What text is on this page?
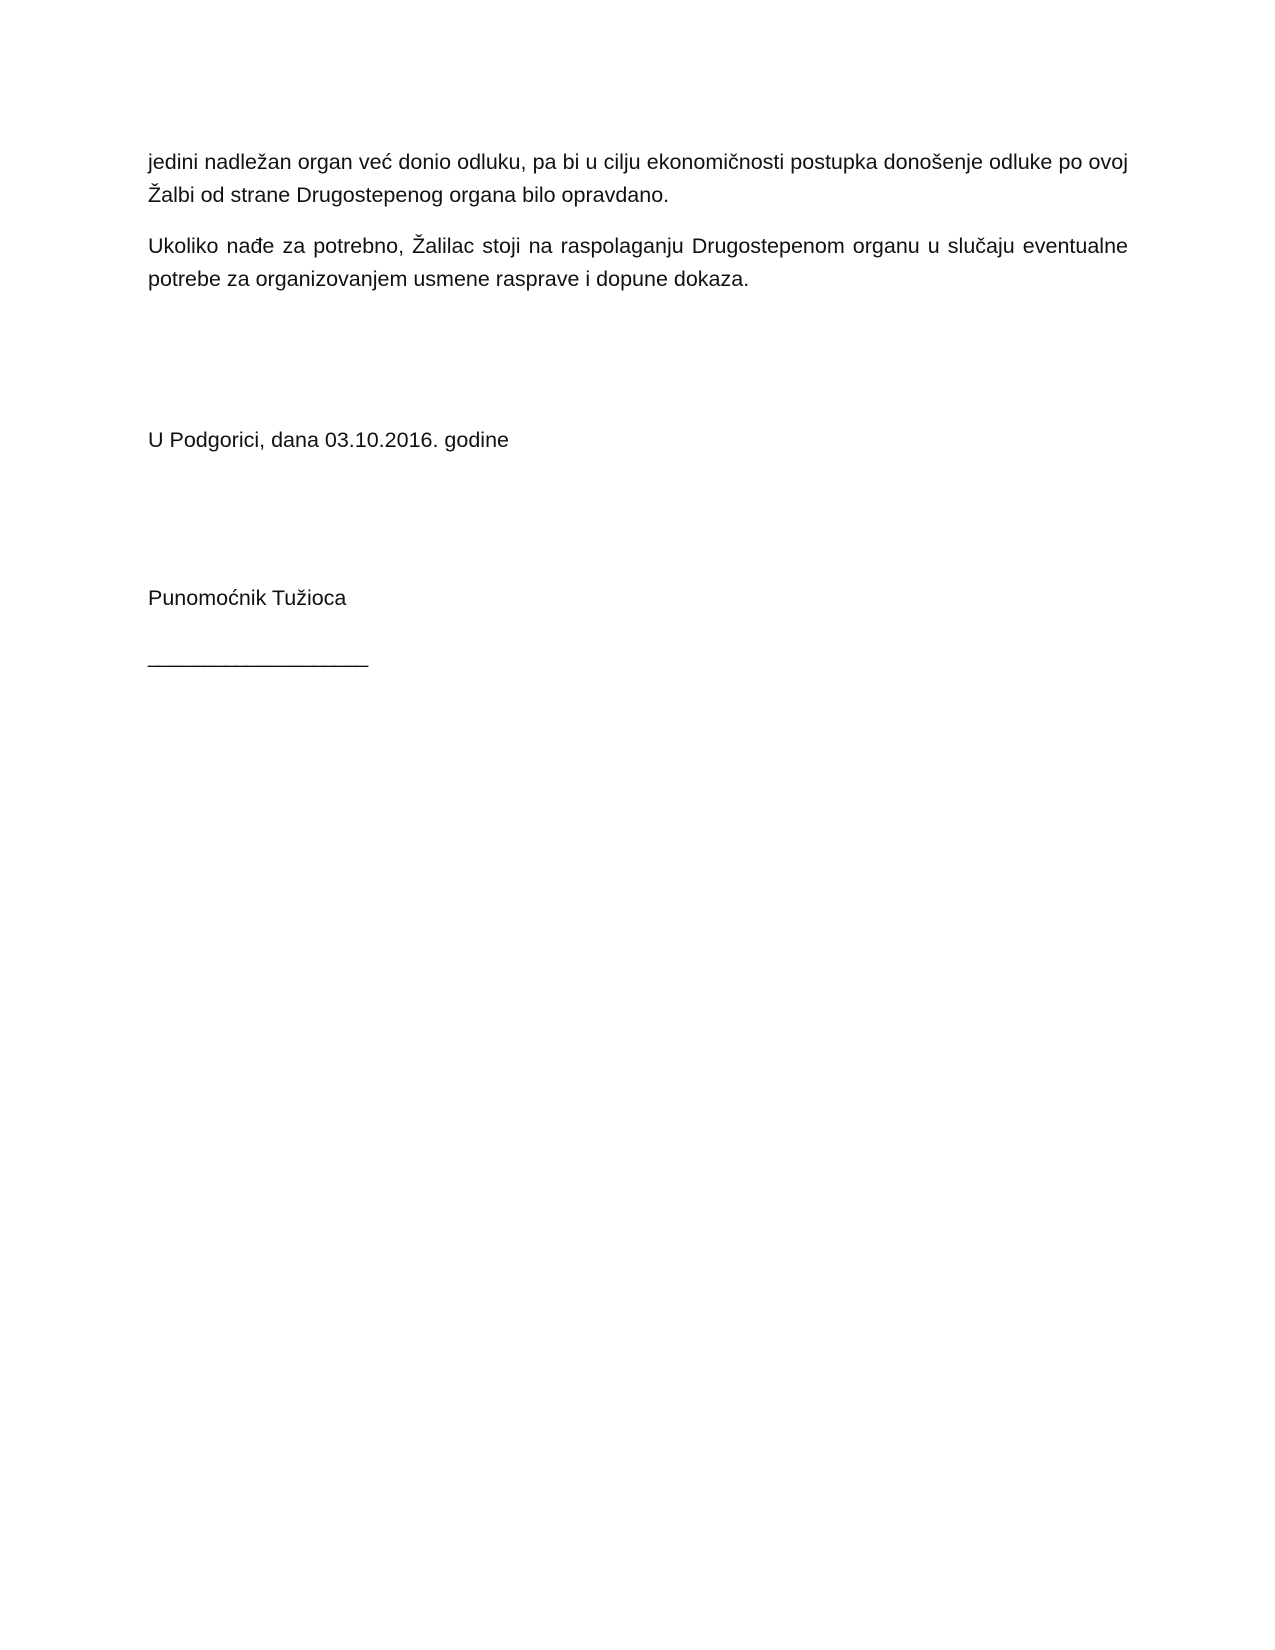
jedini nadležan organ već donio odluku, pa bi u cilju ekonomičnosti postupka donošenje odluke po ovoj Žalbi od strane Drugostepenog organa bilo opravdano.

Ukoliko nađe za potrebno, Žalilac stoji na raspolaganju Drugostepenom organu u slučaju eventualne potrebe za organizovanjem usmene rasprave i dopune dokaza.

U Podgorici, dana 03.10.2016. godine

Punomoćnik Tužioca

____________________
